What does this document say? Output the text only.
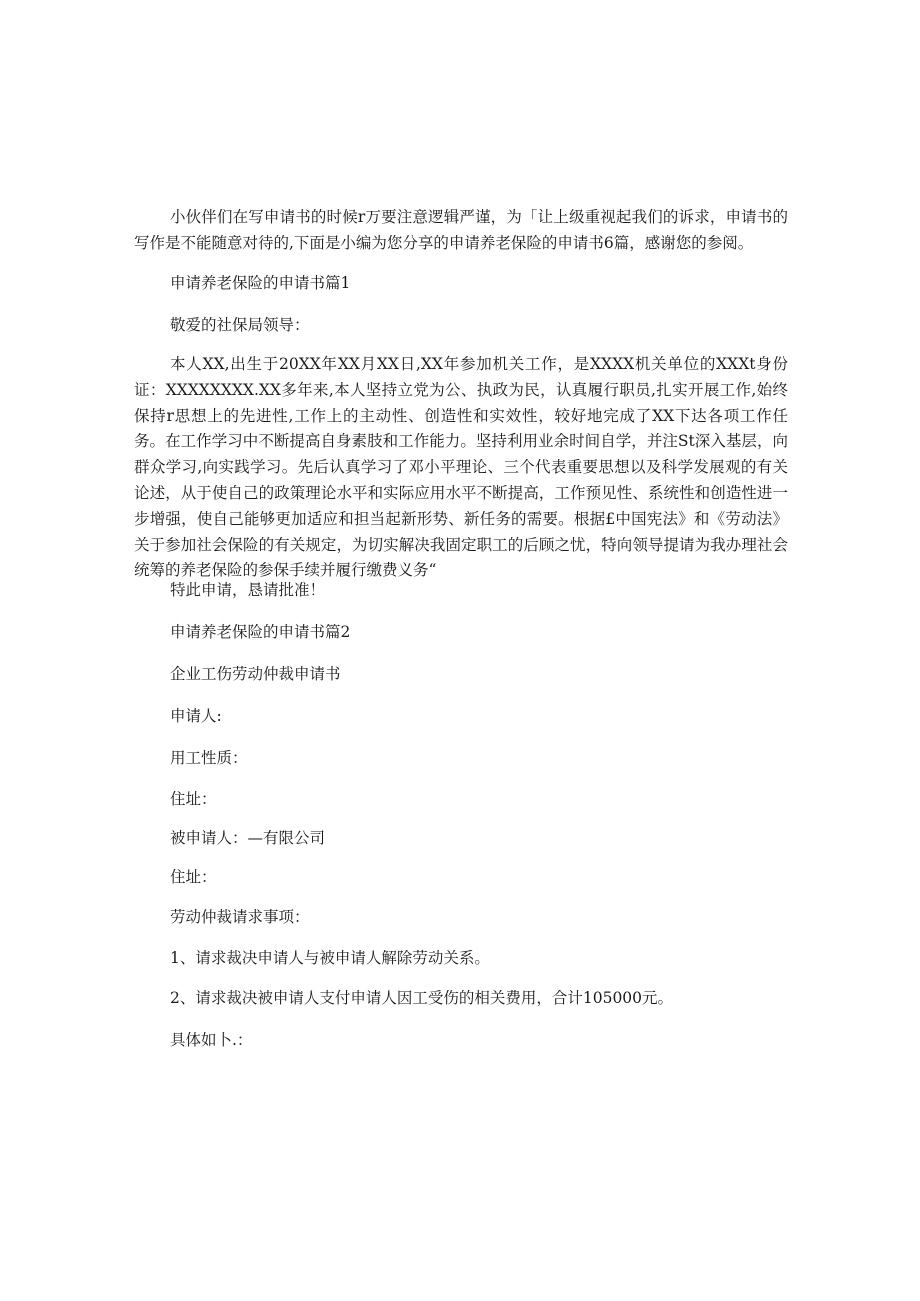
小伙伴们在写申请书的时候r万要注意逻辑严谨，为「让上级重视起我们的诉求，申请书的写作是不能随意对待的,下面是小编为您分享的申请养老保险的申请书6篇，感谢您的参阅。

申请养老保险的申请书篇1

敬爱的社保局领导：

本人XX,出生于20XX年XX月XX日,XX年参加机关工作，是XXXX机关单位的XXXt身份证：XXXXXXXX.XX多年来,本人坚持立党为公、执政为民，认真履行职员,扎实开展工作,始终保持r思想上的先进性,工作上的主动性、创造性和实效性，较好地完成了XX下达各项工作任务。在工作学习中不断提高自身素肢和工作能力。坚持利用业余时间自学，并注St深入基层，向群众学习,向实践学习。先后认真学习了邓小平理论、三个代表重要思想以及科学发展观的有关论述，从于使自己的政策理论水平和实际应用水平不断提高，工作预见性、系统性和创造性进一步增强，使自己能够更加适应和担当起新形势、新任务的需要。根据£中国宪法》和《劳动法》关于参加社会保险的有关规定，为切实解决我固定职工的后顾之忧，特向领导提请为我办理社会统筹的养老保险的参保手续并履行缴费义务“

特此申请，恳请批准！

申请养老保险的申请书篇2

企业工伤劳动仲裁申请书

申请人:

用工性质：

住址：

被申请人：—有限公司

住址：

劳动仲裁请求事项：

1、请求裁决申请人与被申请人解除劳动关系。

2、请求裁决被申请人支付申请人因工受伤的相关费用，合计105000元。

具体如卜.：
